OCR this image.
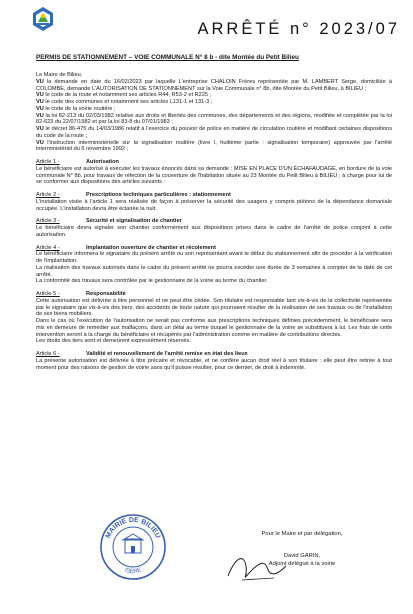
ARRÊTÉ n° 2023/07
PERMIS DE STATIONNEMENT – VOIE COMMUNALE N° 8 b - dite Montée du Petit Bilieu

Le Maire de Bilieu,

VU la demande en date du 16/02/2023 par laquelle L'entreprise CHALOIN Frères représentée par M. LAMBERT Serge, domiciliée à COLOMBE, demande L'AUTORISATION DE STATIONNEMENT sur la Voie Communale n° 8b, dite Montée du Petit Bilieu, à BILIEU ;

VU le code de la route et notamment ses articles R44, R53-2 et R225 ;

VU le code des communes et notamment ses articles L131-1 et 131-3 ;

VU le code de la voirie routière ;

VU la loi 82-213 du 02/03/1982 relative aux droits et libertés des communes, des départements et des régions, modifiée et complétée par la loi 82-623 du 22/07/1982 et par la loi 83-8 du 07/01/1983 ;

VU le décret 86-475 du 14/03/1986 relatif à l'exercice du pouvoir de police en matière de circulation routière et modifiant certaines dispositions du code de la route ;

VU l'instruction interministérielle sur la signalisation routière (livre I, huitième partie : signalisation temporaire) approuvée par l'arrêté interministériel du 6 novembre 1992 ;

Article 1 -	Autorisation

Le bénéficiaire est autorisé à exécuter les travaux énoncés dans sa demande : MISE EN PLACE D'UN ÉCHAFAUDAGE, en bordure de la voie communale N° 8b, pour travaux de réfection de la couverture de l'habitation située au 23 Montée du Petit Bilieu à BILIEU ; à charge pour lui de se conformer aux dispositions des articles suivants :

Article 2 -	Prescriptions techniques particulières : stationnement

L'installation visée à l'article 1 sera réalisée de façon à préserver la sécurité des usagers y compris piétons de la dépendance domaniale occupée. L'installation devra être éclairée la nuit.

Article 3 -	Sécurité et signalisation de chantier

Le bénéficiaire devra signaler son chantier conformément aux dispositions prises dans le cadre de l'arrêté de police conjoint à cette autorisation.

Article 4 -	Implantation ouverture de chantier et récolement

Le bénéficiaire informera le signataire du présent arrêté ou son représentant avant le début du stationnement afin de procéder à la vérification de l'implantation.

La réalisation des travaux autorisés dans le cadre du présent arrêté ne pourra excéder une durée de 3 semaines à compter de la date de cet arrêté.

La conformité des travaux sera contrôlée par le gestionnaire de la voirie au terme du chantier.

Article 5 -	Responsabilité

Cette autorisation est délivrée à titre personnel et ne peut être cédée. Son titulaire est responsable tant vis-à-vis de la collectivité représentée par le signataire que vis-à-vis des tiers, des accidents de toute nature qui pourraient résulter de la réalisation de ses travaux ou de l'installation de ses biens mobiliers.

Dans le cas où l'exécution de l'autorisation ne serait pas conforme aux prescriptions techniques définies précédemment, le bénéficiaire sera mis en demeure de remédier aux malfaçons, dans un délai au terme duquel le gestionnaire de la voirie se substituera à lui. Les frais de cette intervention seront à la charge du bénéficiaire et récupérés par l'administration comme en matière de contributions directes.

Les droits des tiers sont et demeurent expressément réservés.

Article 6 -	Validité et renouvellement de l'arrêté remise en état des lieux

La présente autorisation est délivrée à titre précaire et révocable, et ne confère aucun droit réel à son titulaire : elle peut être retirée à tout moment pour des raisons de gestion de voirie sans qu'il puisse résulter, pour ce dernier, de droit à indemnité.

MAIRIE DE BILIEU
ISÈRE
Pour le Maire et par délégation,
David GARIN,
Adjoint délégué à la voirie
